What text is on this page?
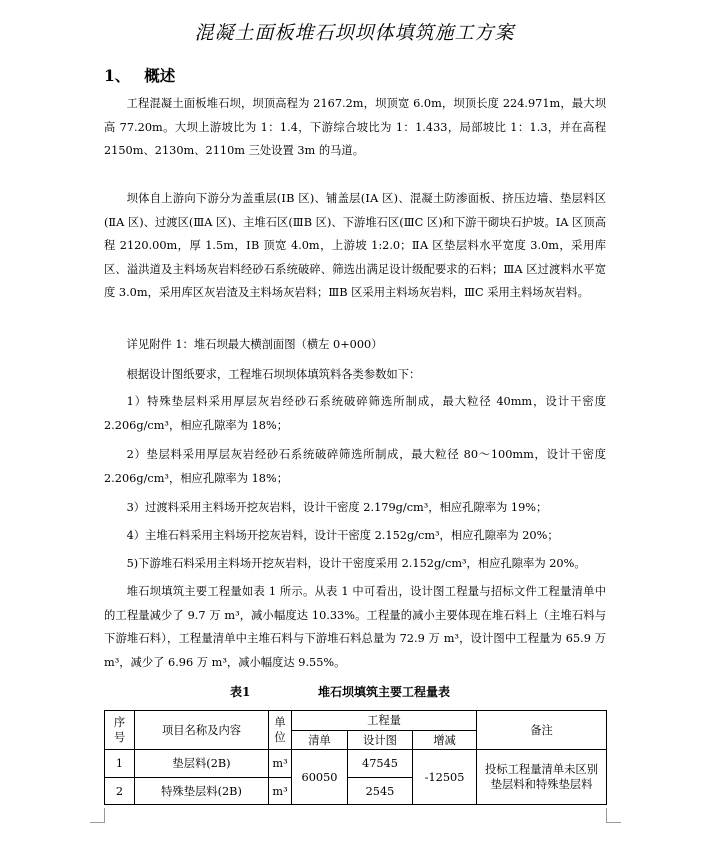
混凝土面板堆石坝坝体填筑施工方案
1、 概述

工程混凝土面板堆石坝，坝顶高程为 2167.2m，坝顶宽 6.0m，坝顶长度 224.971m，最大坝高 77.20m。大坝上游坡比为 1：1.4，下游综合坡比为 1：1.433，局部坡比 1：1.3，并在高程 2150m、2130m、2110m 三处设置 3m 的马道。

坝体自上游向下游分为盖重层(ⅠB 区)、铺盖层(ⅠA 区)、混凝土防渗面板、挤压边墙、垫层料区(ⅡA 区)、过渡区(ⅢA 区)、主堆石区(ⅢB 区)、下游堆石区(ⅢC 区)和下游干砌块石护坡。ⅠA 区顶高程 2120.00m，厚 1.5m，ⅠB 顶宽 4.0m，上游坡 1:2.0；ⅡA 区垫层料水平宽度 3.0m，采用库区、溢洪道及主料场灰岩料经砂石系统破碎、筛选出满足设计级配要求的石料；ⅢA 区过渡料水平宽度 3.0m，采用库区灰岩渣及主料场灰岩料；ⅢB 区采用主料场灰岩料，ⅢC 采用主料场灰岩料。

详见附件 1：堆石坝最大横剖面图（横左 0+000）

根据设计图纸要求，工程堆石坝坝体填筑料各类参数如下：

1）特殊垫层料采用厚层灰岩经砂石系统破碎筛选所制成，最大粒径 40mm，设计干密度 2.206g/cm³，相应孔隙率为 18%；

2）垫层料采用厚层灰岩经砂石系统破碎筛选所制成，最大粒径 80～100mm，设计干密度 2.206g/cm³，相应孔隙率为 18%；

3）过渡料采用主料场开挖灰岩料，设计干密度 2.179g/cm³，相应孔隙率为 19%；

4）主堆石料采用主料场开挖灰岩料，设计干密度 2.152g/cm³，相应孔隙率为 20%；

5)下游堆石料采用主料场开挖灰岩料，设计干密度采用 2.152g/cm³，相应孔隙率为 20%。

堆石坝填筑主要工程量如表 1 所示。从表 1 中可看出，设计图工程量与招标文件工程量清单中的工程量减少了 9.7 万 m³，减小幅度达 10.33%。工程量的减小主要体现在堆石料上（主堆石料与下游堆石料），工程量清单中主堆石料与下游堆石料总量为 72.9 万 m³，设计图中工程量为 65.9 万 m³，减少了 6.96 万 m³，减小幅度达 9.55%。

表1	堆石坝填筑主要工程量表
序号	项目名称及内容	单位	工程量			备注
			清单	设计图	增减	
1	垫层料(2B)	m³	60050	47545	-12505	投标工程量清单未区别垫层料和特殊垫层料
2	特殊垫层料(2B)	m³		2545		
